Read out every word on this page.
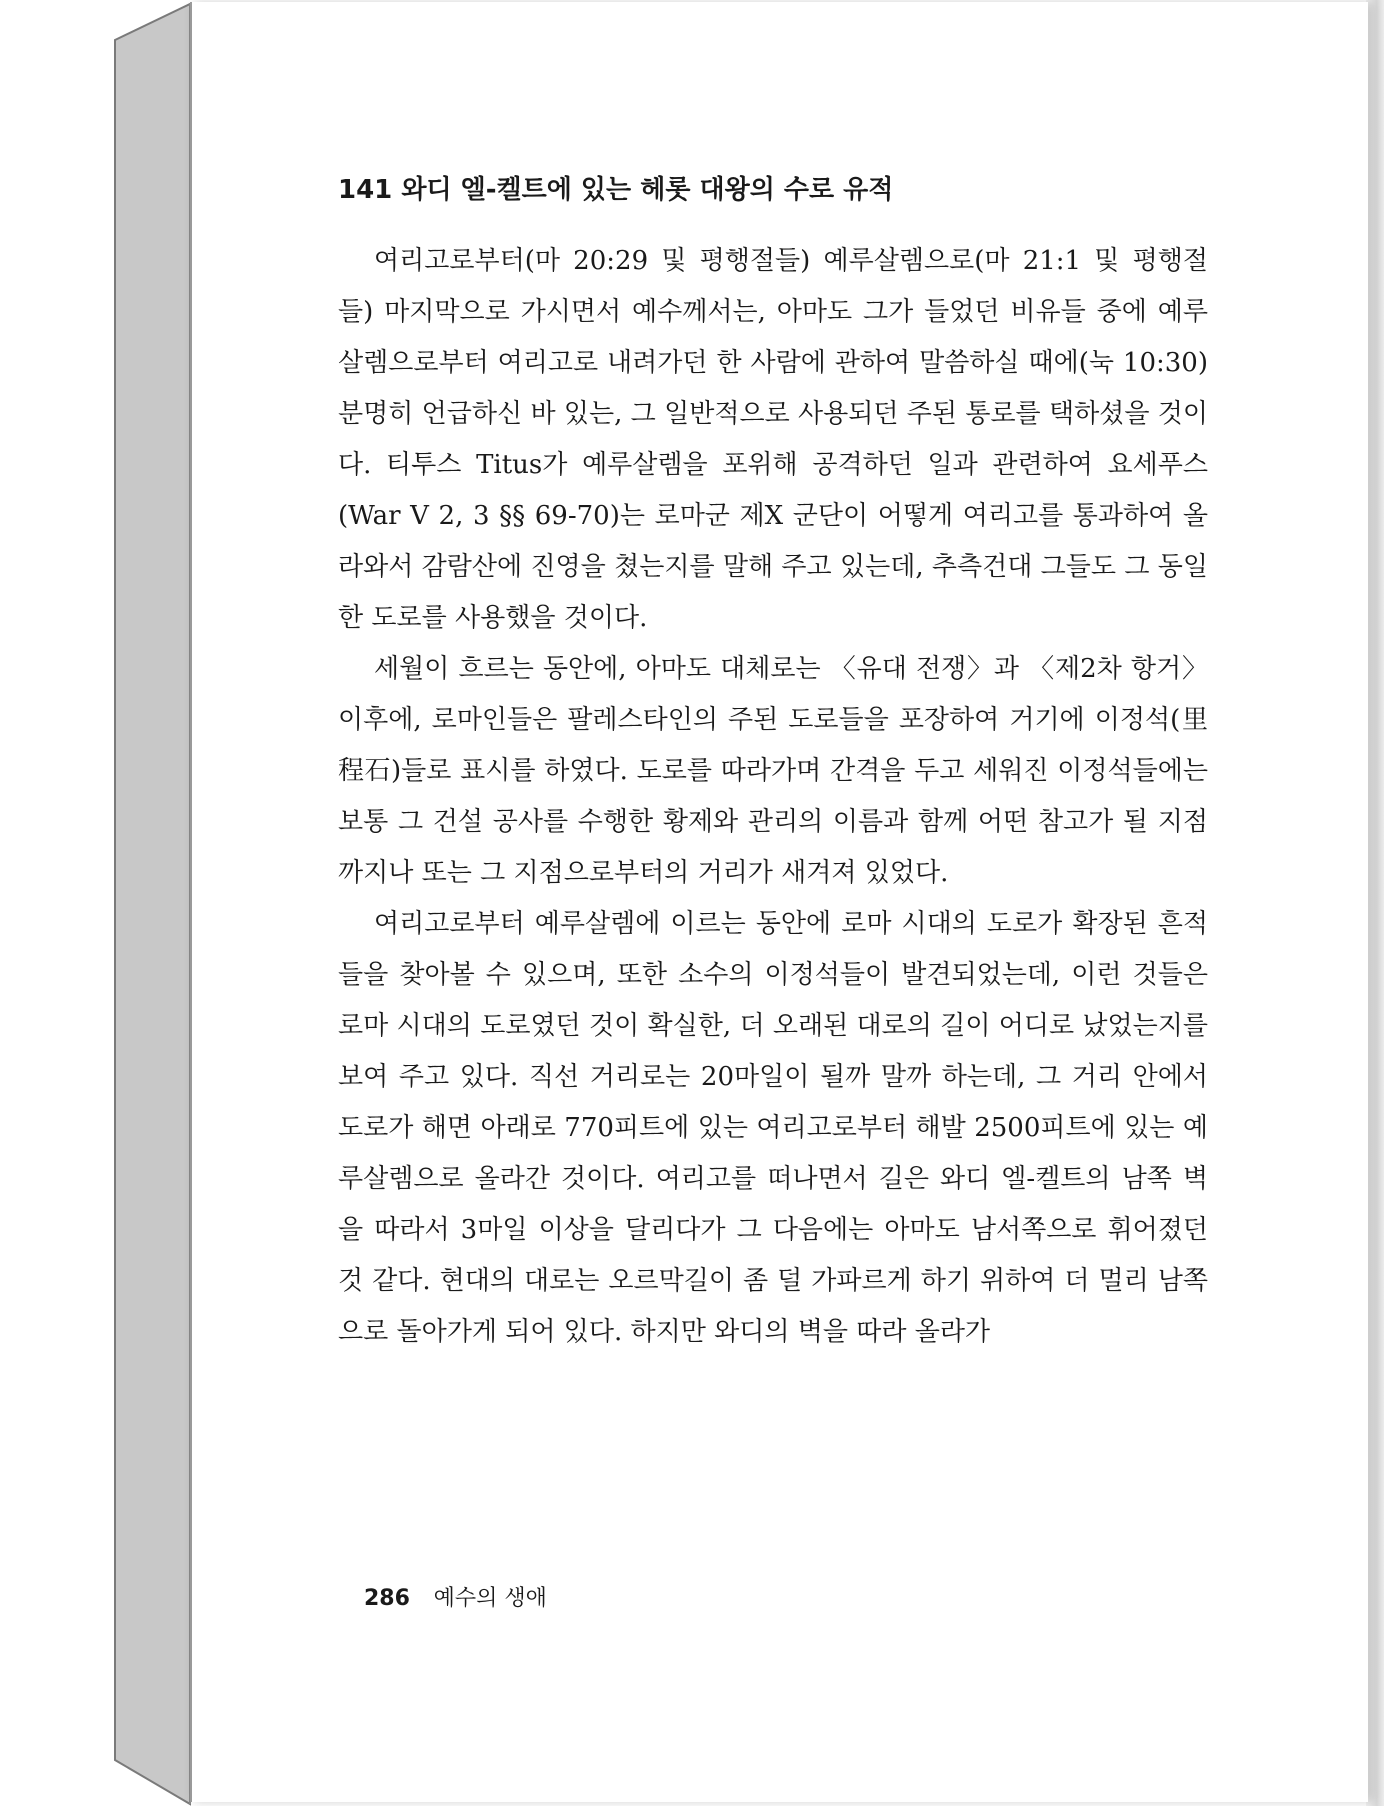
141 와디 엘-켈트에 있는 헤롯 대왕의 수로 유적

여리고로부터(마 20:29 및 평행절들) 예루살렘으로(마 21:1 및 평행절들) 마지막으로 가시면서 예수께서는, 아마도 그가 들었던 비유들 중에 예루살렘으로부터 여리고로 내려가던 한 사람에 관하여 말씀하실 때에(눅 10:30) 분명히 언급하신 바 있는, 그 일반적으로 사용되던 주된 통로를 택하셨을 것이다. 티투스 Titus가 예루살렘을 포위해 공격하던 일과 관련하여 요세푸스(War V 2, 3 §§ 69-70)는 로마군 제X 군단이 어떻게 여리고를 통과하여 올라와서 감람산에 진영을 쳤는지를 말해 주고 있는데, 추측건대 그들도 그 동일한 도로를 사용했을 것이다.

세월이 흐르는 동안에, 아마도 대체로는 〈유대 전쟁〉과 〈제2차 항거〉 이후에, 로마인들은 팔레스타인의 주된 도로들을 포장하여 거기에 이정석(里程石)들로 표시를 하였다. 도로를 따라가며 간격을 두고 세워진 이정석들에는 보통 그 건설 공사를 수행한 황제와 관리의 이름과 함께 어떤 참고가 될 지점까지나 또는 그 지점으로부터의 거리가 새겨져 있었다.

여리고로부터 예루살렘에 이르는 동안에 로마 시대의 도로가 확장된 흔적들을 찾아볼 수 있으며, 또한 소수의 이정석들이 발견되었는데, 이런 것들은 로마 시대의 도로였던 것이 확실한, 더 오래된 대로의 길이 어디로 났었는지를 보여 주고 있다. 직선 거리로는 20마일이 될까 말까 하는데, 그 거리 안에서 도로가 해면 아래로 770피트에 있는 여리고로부터 해발 2500피트에 있는 예루살렘으로 올라간 것이다. 여리고를 떠나면서 길은 와디 엘-켈트의 남쪽 벽을 따라서 3마일 이상을 달리다가 그 다음에는 아마도 남서쪽으로 휘어졌던 것 같다. 현대의 대로는 오르막길이 좀 덜 가파르게 하기 위하여 더 멀리 남쪽으로 돌아가게 되어 있다. 하지만 와디의 벽을 따라 올라가

286 예수의 생애
